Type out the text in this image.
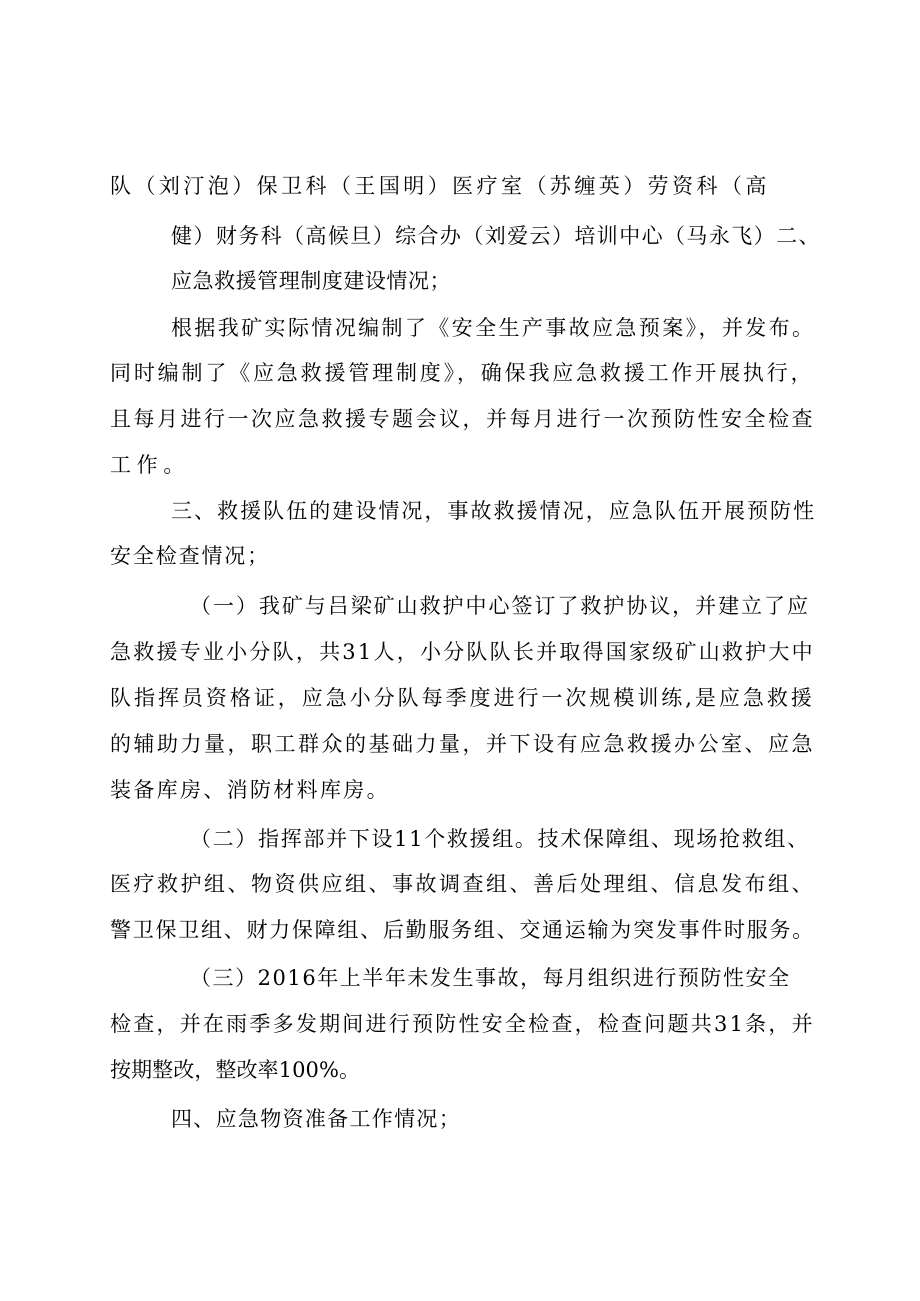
队（刘汀泡）保卫科（王国明）医疗室（苏缠英）劳资科（高
健）财务科（高候旦）综合办（刘爱云）培训中心（马永飞）二、
应急救援管理制度建设情况；
根据我矿实际情况编制了《安全生产事故应急预案》，并发布。
同时编制了《应急救援管理制度》，确保我应急救援工作开展执行，
且每月进行一次应急救援专题会议，并每月进行一次预防性安全检查
工作。
三、救援队伍的建设情况，事故救援情况，应急队伍开展预防性
安全检查情况；
（一）我矿与吕梁矿山救护中心签订了救护协议，并建立了应
急救援专业小分队，共31人，小分队队长并取得国家级矿山救护大中
队指挥员资格证，应急小分队每季度进行一次规模训练,是应急救援
的辅助力量，职工群众的基础力量，并下设有应急救援办公室、应急
装备库房、消防材料库房。
（二）指挥部并下设11个救援组。技术保障组、现场抢救组、
医疗救护组、物资供应组、事故调查组、善后处理组、信息发布组、
警卫保卫组、财力保障组、后勤服务组、交通运输为突发事件时服务。
（三）2016年上半年未发生事故，每月组织进行预防性安全
检查，并在雨季多发期间进行预防性安全检查，检查问题共31条，并
按期整改，整改率100%。
四、应急物资准备工作情况；
